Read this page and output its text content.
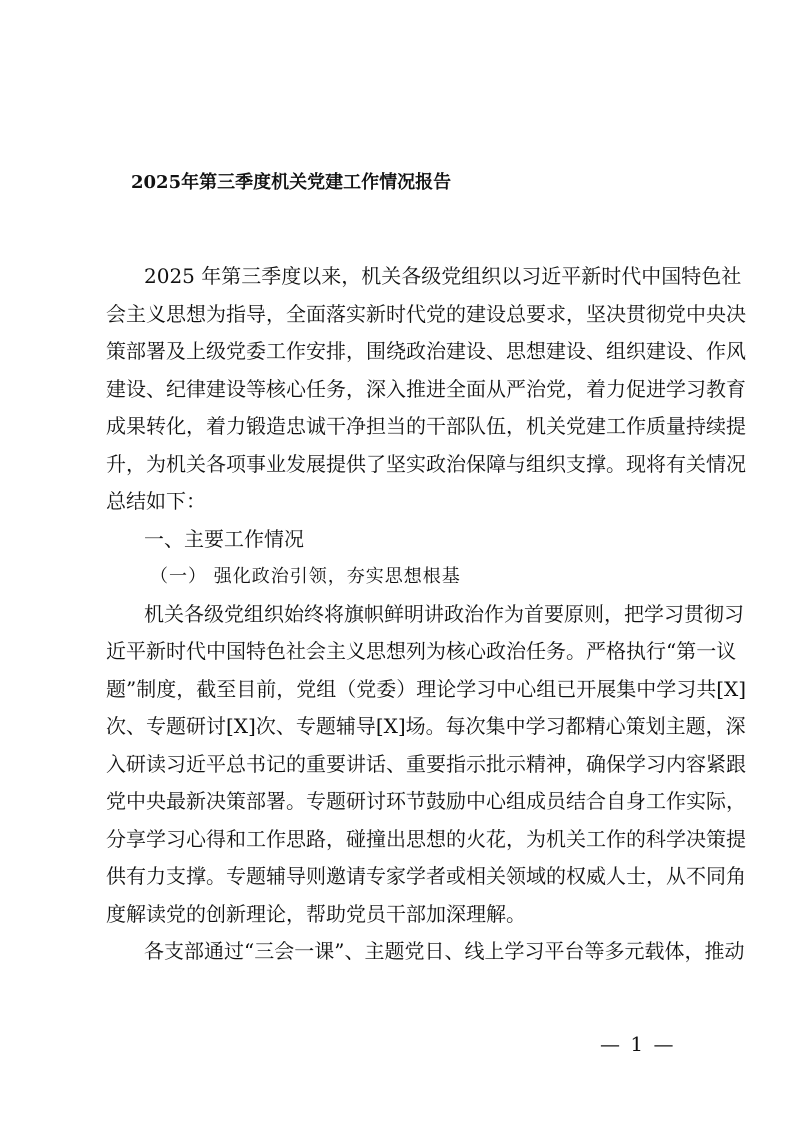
2025年第三季度机关党建工作情况报告
2025 年第三季度以来，机关各级党组织以习近平新时代中国特色社
会主义思想为指导，全面落实新时代党的建设总要求，坚决贯彻党中央决
策部署及上级党委工作安排，围绕政治建设、思想建设、组织建设、作风
建设、纪律建设等核心任务，深入推进全面从严治党，着力促进学习教育
成果转化，着力锻造忠诚干净担当的干部队伍，机关党建工作质量持续提
升，为机关各项事业发展提供了坚实政治保障与组织支撑。现将有关情况
总结如下：
一、主要工作情况
（一） 强化政治引领，夯实思想根基
机关各级党组织始终将旗帜鲜明讲政治作为首要原则，把学习贯彻习
近平新时代中国特色社会主义思想列为核心政治任务。严格执行“第一议
题”制度，截至目前，党组（党委）理论学习中心组已开展集中学习共[X]
次、专题研讨[X]次、专题辅导[X]场。每次集中学习都精心策划主题，深
入研读习近平总书记的重要讲话、重要指示批示精神，确保学习内容紧跟
党中央最新决策部署。专题研讨环节鼓励中心组成员结合自身工作实际，
分享学习心得和工作思路，碰撞出思想的火花，为机关工作的科学决策提
供有力支撑。专题辅导则邀请专家学者或相关领域的权威人士，从不同角
度解读党的创新理论，帮助党员干部加深理解。
各支部通过“三会一课”、主题党日、线上学习平台等多元载体，推动
— 1 —
